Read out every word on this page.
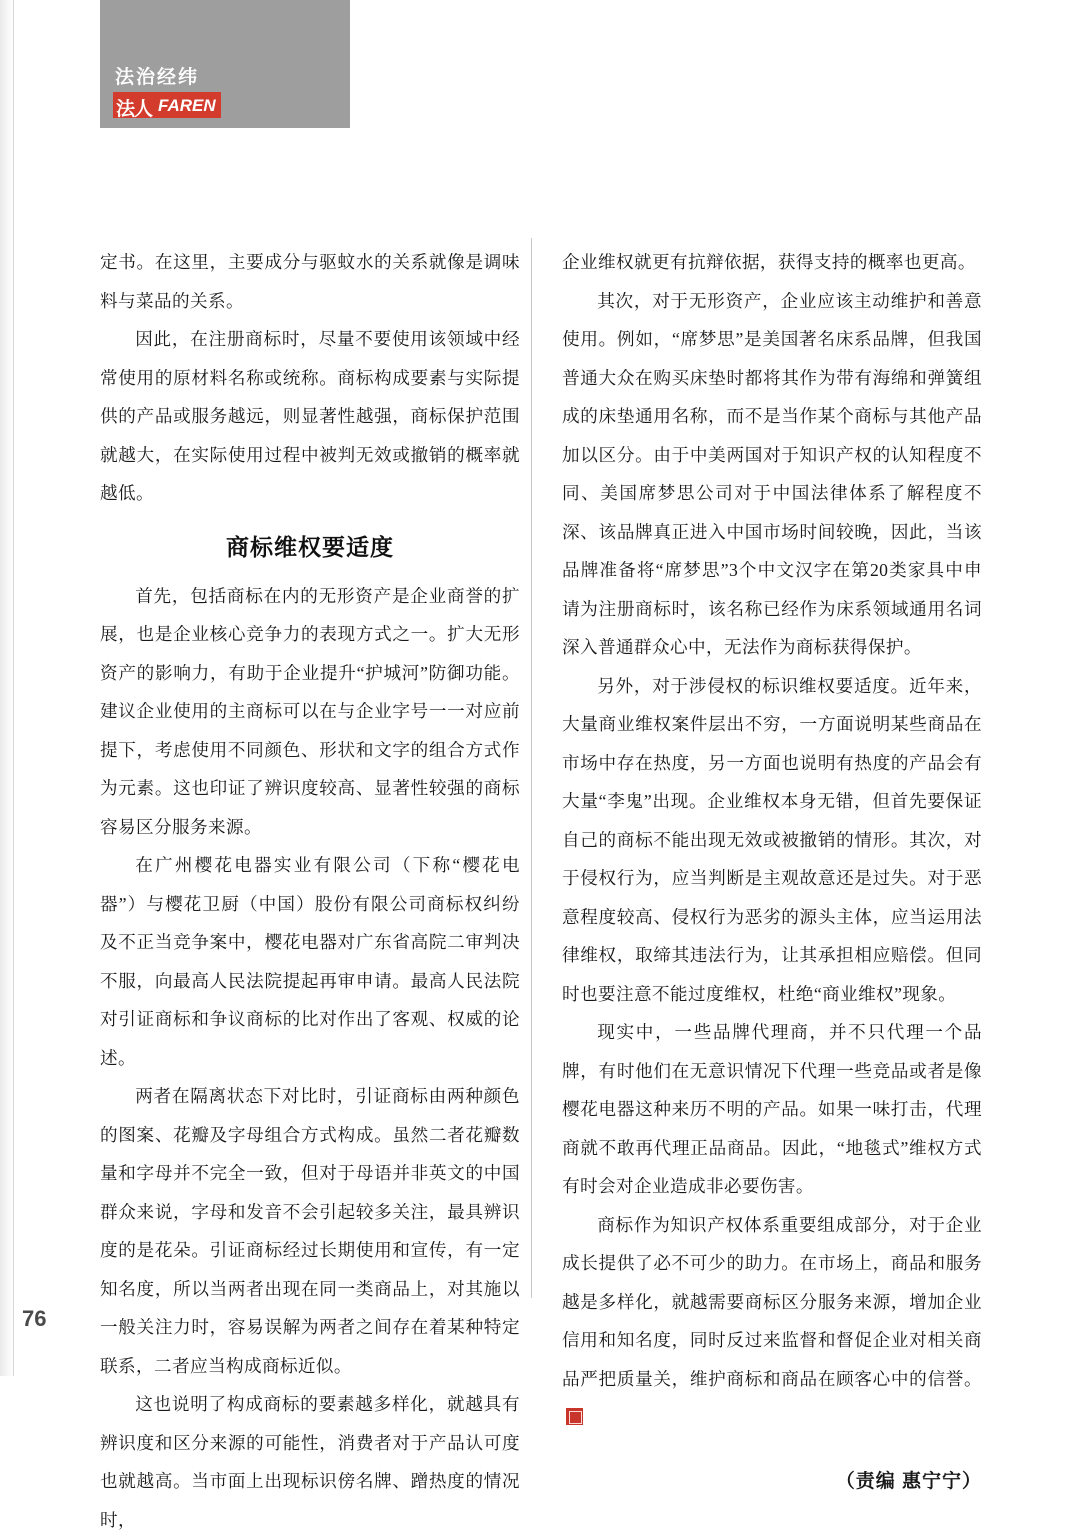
法治经纬
法人 FAREN

定书。在这里，主要成分与驱蚊水的关系就像是调味料与菜品的关系。

因此，在注册商标时，尽量不要使用该领域中经常使用的原材料名称或统称。商标构成要素与实际提供的产品或服务越远，则显著性越强，商标保护范围就越大，在实际使用过程中被判无效或撤销的概率就越低。

商标维权要适度

首先，包括商标在内的无形资产是企业商誉的扩展，也是企业核心竞争力的表现方式之一。扩大无形资产的影响力，有助于企业提升“护城河”防御功能。建议企业使用的主商标可以在与企业字号一一对应前提下，考虑使用不同颜色、形状和文字的组合方式作为元素。这也印证了辨识度较高、显著性较强的商标容易区分服务来源。

在广州樱花电器实业有限公司（下称“樱花电器”）与樱花卫厨（中国）股份有限公司商标权纠纷及不正当竞争案中，樱花电器对广东省高院二审判决不服，向最高人民法院提起再审申请。最高人民法院对引证商标和争议商标的比对作出了客观、权威的论述。

两者在隔离状态下对比时，引证商标由两种颜色的图案、花瓣及字母组合方式构成。虽然二者花瓣数量和字母并不完全一致，但对于母语并非英文的中国群众来说，字母和发音不会引起较多关注，最具辨识度的是花朵。引证商标经过长期使用和宣传，有一定知名度，所以当两者出现在同一类商品上，对其施以一般关注力时，容易误解为两者之间存在着某种特定联系，二者应当构成商标近似。

这也说明了构成商标的要素越多样化，就越具有辨识度和区分来源的可能性，消费者对于产品认可度也就越高。当市面上出现标识傍名牌、蹭热度的情况时，

企业维权就更有抗辩依据，获得支持的概率也更高。

其次，对于无形资产，企业应该主动维护和善意使用。例如，“席梦思”是美国著名床系品牌，但我国普通大众在购买床垫时都将其作为带有海绵和弹簧组成的床垫通用名称，而不是当作某个商标与其他产品加以区分。由于中美两国对于知识产权的认知程度不同、美国席梦思公司对于中国法律体系了解程度不深、该品牌真正进入中国市场时间较晚，因此，当该品牌准备将“席梦思”3个中文汉字在第20类家具中申请为注册商标时，该名称已经作为床系领域通用名词深入普通群众心中，无法作为商标获得保护。

另外，对于涉侵权的标识维权要适度。近年来，大量商业维权案件层出不穷，一方面说明某些商品在市场中存在热度，另一方面也说明有热度的产品会有大量“李鬼”出现。企业维权本身无错，但首先要保证自己的商标不能出现无效或被撤销的情形。其次，对于侵权行为，应当判断是主观故意还是过失。对于恶意程度较高、侵权行为恶劣的源头主体，应当运用法律维权，取缔其违法行为，让其承担相应赔偿。但同时也要注意不能过度维权，杜绝“商业维权”现象。

现实中，一些品牌代理商，并不只代理一个品牌，有时他们在无意识情况下代理一些竞品或者是像樱花电器这种来历不明的产品。如果一味打击，代理商就不敢再代理正品商品。因此，“地毯式”维权方式有时会对企业造成非必要伤害。

商标作为知识产权体系重要组成部分，对于企业成长提供了必不可少的助力。在市场上，商品和服务越是多样化，就越需要商标区分服务来源，增加企业信用和知名度，同时反过来监督和督促企业对相关商品严把质量关，维护商标和商品在顾客心中的信誉。

（责编 惠宁宁）
76
